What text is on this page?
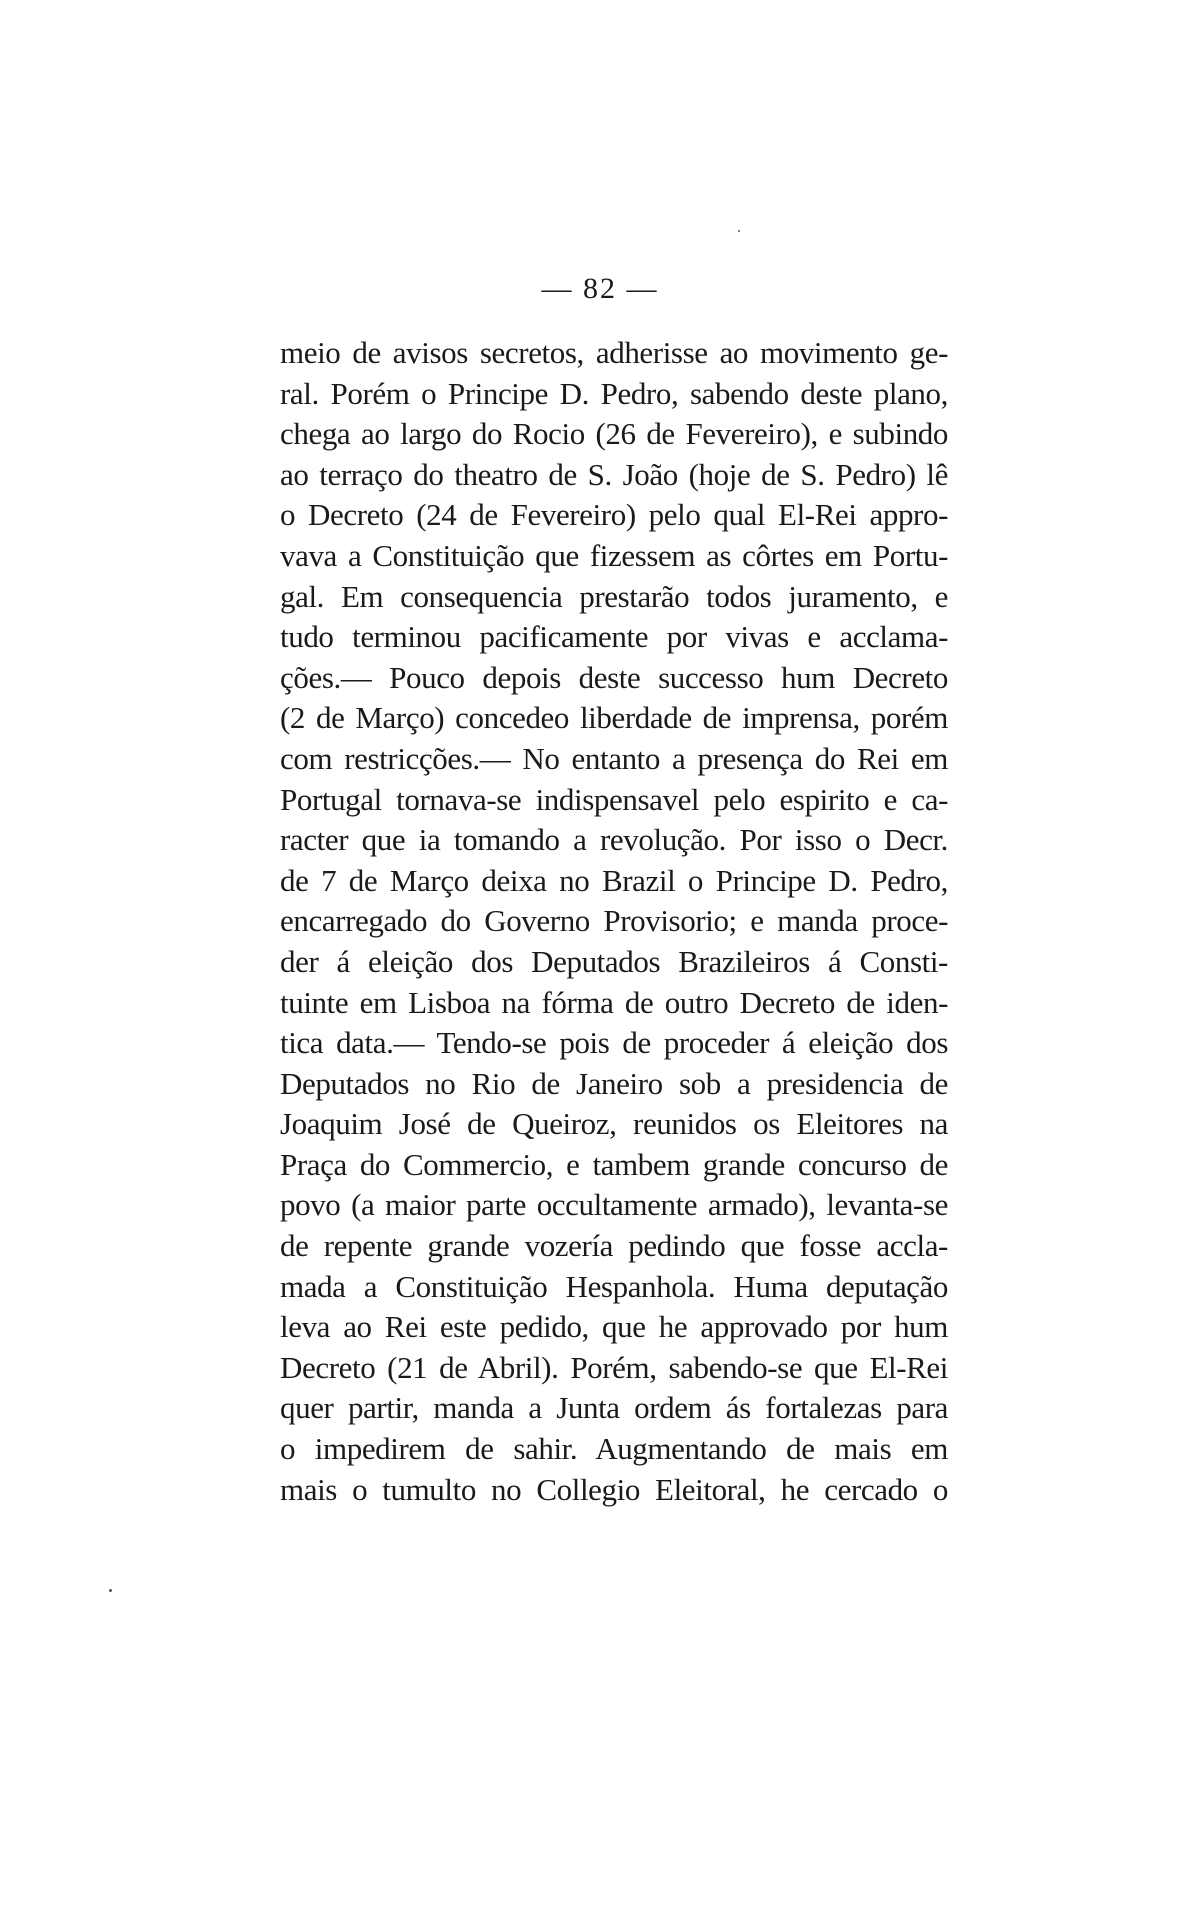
— 82 —
meio de avisos secretos, adherisse ao movimento ge-
ral. Porém o Principe D. Pedro, sabendo deste plano,
chega ao largo do Rocio (26 de Fevereiro), e subindo
ao terraço do theatro de S. João (hoje de S. Pedro) lê
o Decreto (24 de Fevereiro) pelo qual El-Rei appro-
vava a Constituição que fizessem as côrtes em Portu-
gal. Em consequencia prestarão todos juramento, e
tudo terminou pacificamente por vivas e acclama-
ções.— Pouco depois deste successo hum Decreto
(2 de Março) concedeo liberdade de imprensa, porém
com restricções.— No entanto a presença do Rei em
Portugal tornava-se indispensavel pelo espirito e ca-
racter que ia tomando a revolução. Por isso o Decr.
de 7 de Março deixa no Brazil o Principe D. Pedro,
encarregado do Governo Provisorio; e manda proce-
der á eleição dos Deputados Brazileiros á Consti-
tuinte em Lisboa na fórma de outro Decreto de iden-
tica data.— Tendo-se pois de proceder á eleição dos
Deputados no Rio de Janeiro sob a presidencia de
Joaquim José de Queiroz, reunidos os Eleitores na
Praça do Commercio, e tambem grande concurso de
povo (a maior parte occultamente armado), levanta-se
de repente grande vozería pedindo que fosse accla-
mada a Constituição Hespanhola. Huma deputação
leva ao Rei este pedido, que he approvado por hum
Decreto (21 de Abril). Porém, sabendo-se que El-Rei
quer partir, manda a Junta ordem ás fortalezas para
o impedirem de sahir. Augmentando de mais em
mais o tumulto no Collegio Eleitoral, he cercado o
